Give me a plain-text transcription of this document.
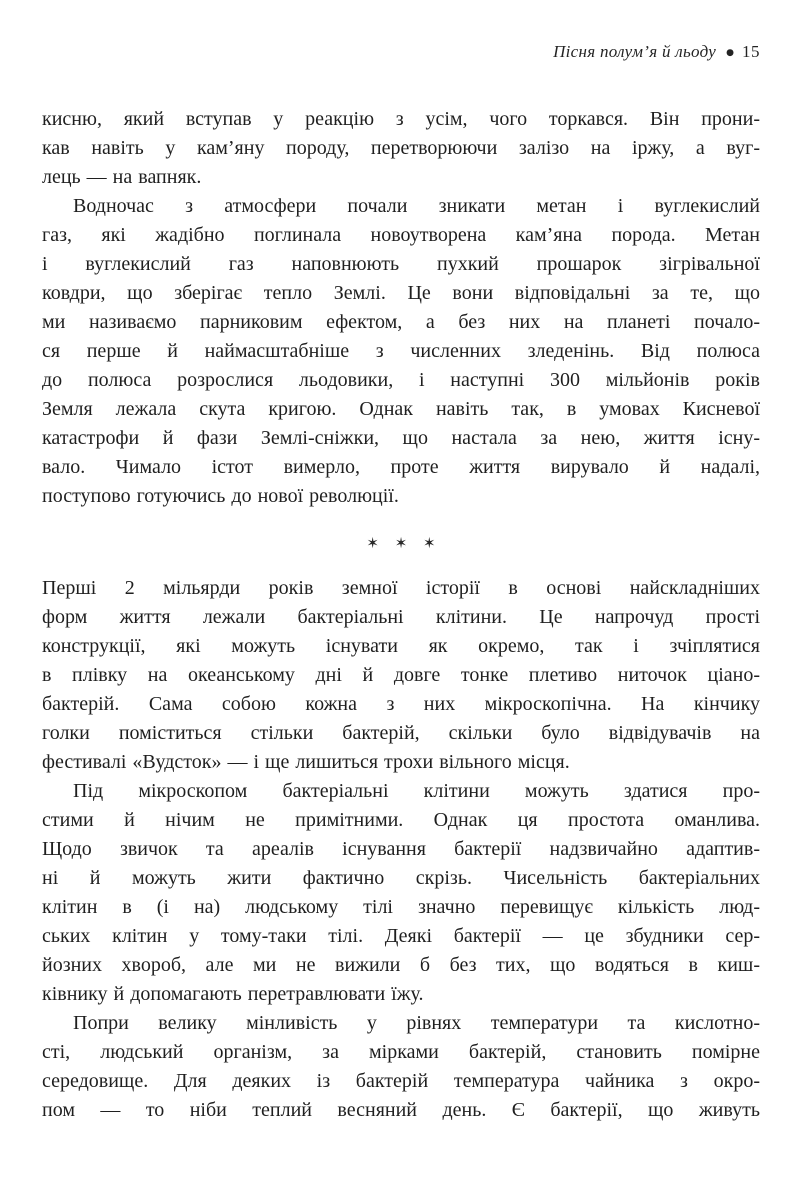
Пісня полум’я й льоду ● 15
кисню, який вступав у реакцію з усім, чого торкався. Він прони-
кав навіть у кам’яну породу, перетворюючи залізо на іржу, а вуг-
лець — на вапняк.
Водночас з атмосфери почали зникати метан і вуглекислий
газ, які жадібно поглинала новоутворена кам’яна порода. Метан
і вуглекислий газ наповнюють пухкий прошарок зігрівальної
ковдри, що зберігає тепло Землі. Це вони відповідальні за те, що
ми називаємо парниковим ефектом, а без них на планеті почало-
ся перше й наймасштабніше з численних зледенінь. Від полюса
до полюса розрослися льодовики, і наступні 300 мільйонів років
Земля лежала скута кригою. Однак навіть так, в умовах Кисневої
катастрофи й фази Землі-сніжки, що настала за нею, життя існу-
вало. Чимало істот вимерло, проте життя вирувало й надалі,
поступово готуючись до нової революції.
✶ ✶ ✶
Перші 2 мільярди років земної історії в основі найскладніших
форм життя лежали бактеріальні клітини. Це напрочуд прості
конструкції, які можуть існувати як окремо, так і зчіплятися
в плівку на океанському дні й довге тонке плетиво ниточок ціано-
бактерій. Сама собою кожна з них мікроскопічна. На кінчику
голки поміститься стільки бактерій, скільки було відвідувачів на
фестивалі «Вудсток» — і ще лишиться трохи вільного місця.
Під мікроскопом бактеріальні клітини можуть здатися про-
стими й нічим не примітними. Однак ця простота оманлива.
Щодо звичок та ареалів існування бактерії надзвичайно адаптив-
ні й можуть жити фактично скрізь. Чисельність бактеріальних
клітин в (і на) людському тілі значно перевищує кількість люд-
ських клітин у тому-таки тілі. Деякі бактерії — це збудники сер-
йозних хвороб, але ми не вижили б без тих, що водяться в киш-
ківнику й допомагають перетравлювати їжу.
Попри велику мінливість у рівнях температури та кислотно-
сті, людський організм, за мірками бактерій, становить помірне
середовище. Для деяких із бактерій температура чайника з окро-
пом — то ніби теплий весняний день. Є бактерії, що живуть
